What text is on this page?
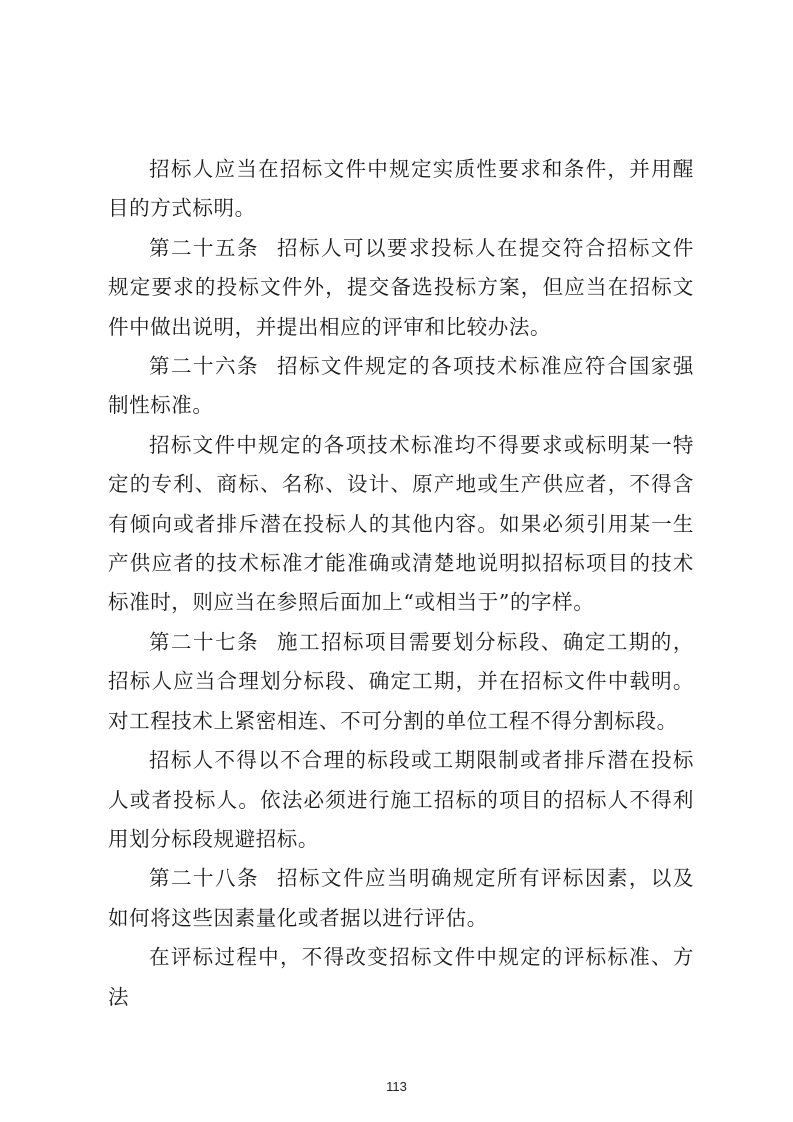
招标人应当在招标文件中规定实质性要求和条件，并用醒目的方式标明。

第二十五条 招标人可以要求投标人在提交符合招标文件规定要求的投标文件外，提交备选投标方案，但应当在招标文件中做出说明，并提出相应的评审和比较办法。

第二十六条 招标文件规定的各项技术标准应符合国家强制性标准。

招标文件中规定的各项技术标准均不得要求或标明某一特定的专利、商标、名称、设计、原产地或生产供应者，不得含有倾向或者排斥潜在投标人的其他内容。如果必须引用某一生产供应者的技术标准才能准确或清楚地说明拟招标项目的技术标准时，则应当在参照后面加上“或相当于”的字样。

第二十七条 施工招标项目需要划分标段、确定工期的，招标人应当合理划分标段、确定工期，并在招标文件中载明。对工程技术上紧密相连、不可分割的单位工程不得分割标段。

招标人不得以不合理的标段或工期限制或者排斥潜在投标人或者投标人。依法必须进行施工招标的项目的招标人不得利用划分标段规避招标。

第二十八条 招标文件应当明确规定所有评标因素，以及如何将这些因素量化或者据以进行评估。

在评标过程中，不得改变招标文件中规定的评标标准、方法

113
